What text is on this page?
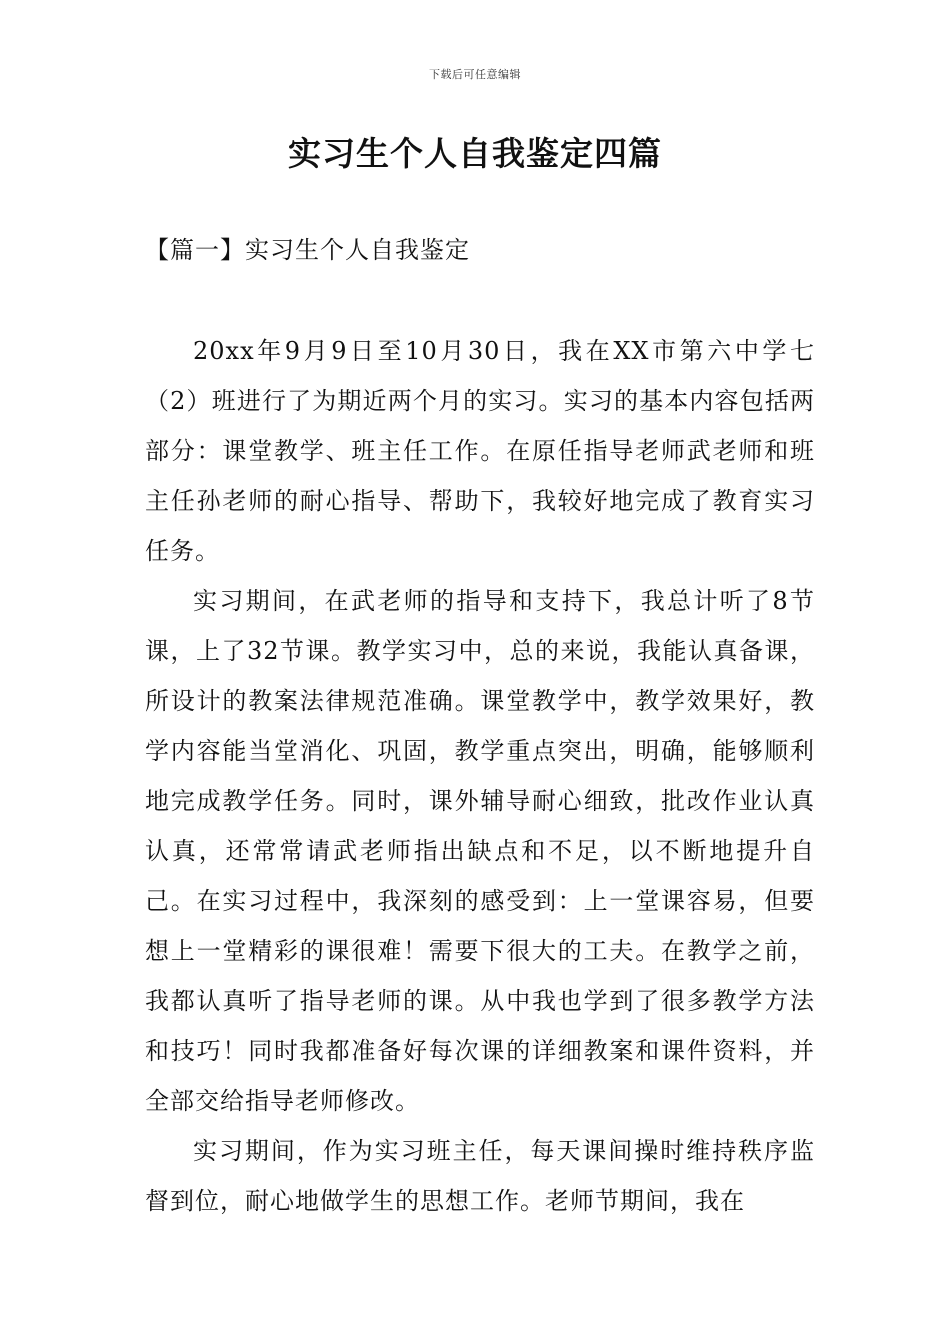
下载后可任意编辑
实习生个人自我鉴定四篇
【篇一】实习生个人自我鉴定

20xx年9月9日至10月30日，我在XX市第六中学七（2）班进行了为期近两个月的实习。实习的基本内容包括两部分：课堂教学、班主任工作。在原任指导老师武老师和班主任孙老师的耐心指导、帮助下，我较好地完成了教育实习任务。

实习期间，在武老师的指导和支持下，我总计听了8节课，上了32节课。教学实习中，总的来说，我能认真备课，所设计的教案法律规范准确。课堂教学中，教学效果好，教学内容能当堂消化、巩固，教学重点突出，明确，能够顺利地完成教学任务。同时，课外辅导耐心细致，批改作业认真认真，还常常请武老师指出缺点和不足，以不断地提升自己。在实习过程中，我深刻的感受到：上一堂课容易，但要想上一堂精彩的课很难！需要下很大的工夫。在教学之前，我都认真听了指导老师的课。从中我也学到了很多教学方法和技巧！同时我都准备好每次课的详细教案和课件资料，并全部交给指导老师修改。

实习期间，作为实习班主任，每天课间操时维持秩序监督到位，耐心地做学生的思想工作。老师节期间，我在
